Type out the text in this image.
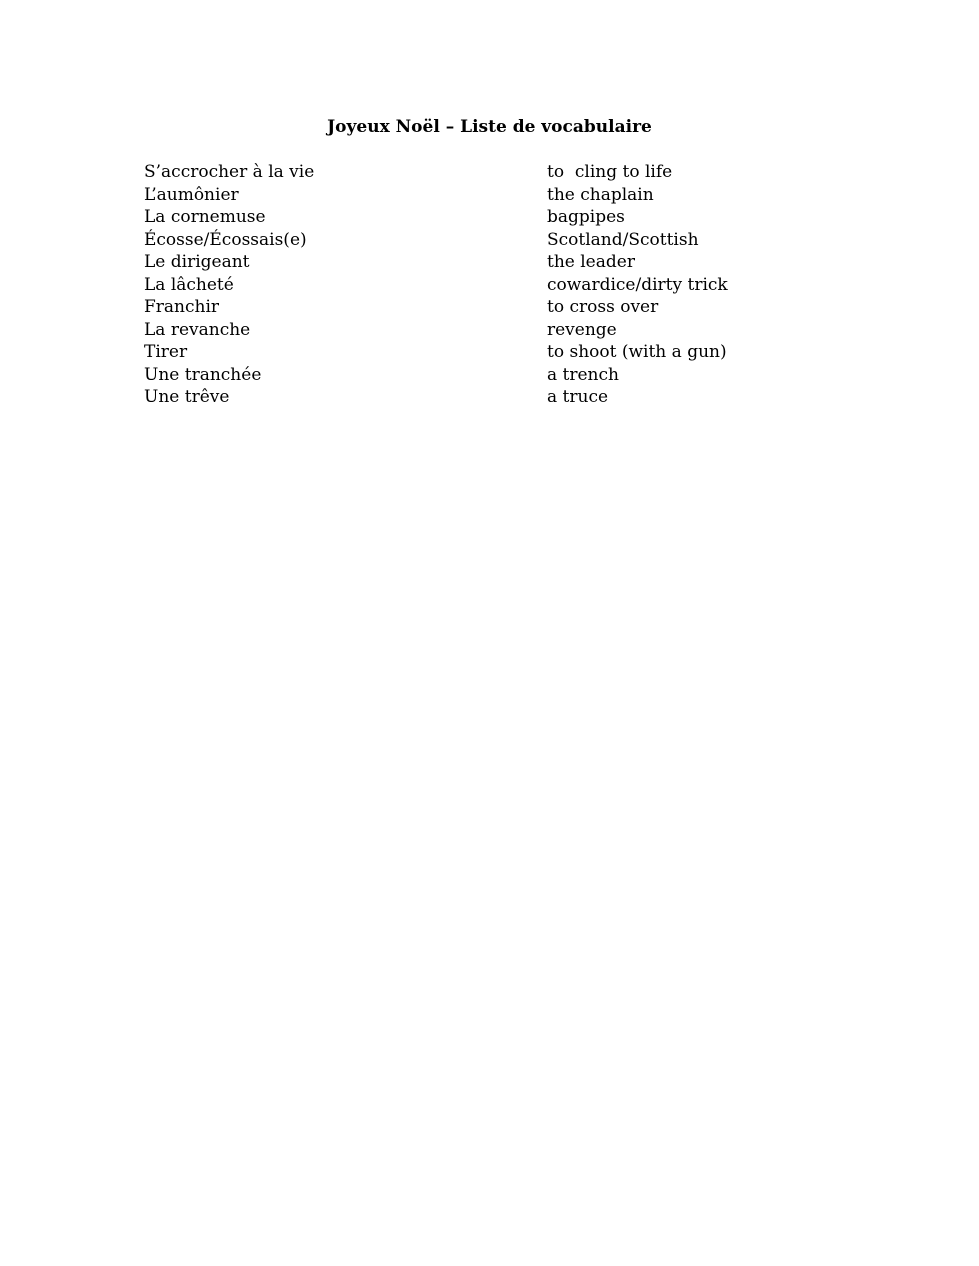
Joyeux Noël – Liste de vocabulaire

S’accrocher à la vie

	to  cling to life

L’aumônier

	the chaplain

La cornemuse

	bagpipes

Écosse/Écossais(e)

	Scotland/Scottish

Le dirigeant

	the leader

La lâcheté

	cowardice/dirty trick

Franchir

	to cross over

La revanche

	revenge

Tirer

	to shoot (with a gun)

Une tranchée

	a trench

Une trêve

	a truce
